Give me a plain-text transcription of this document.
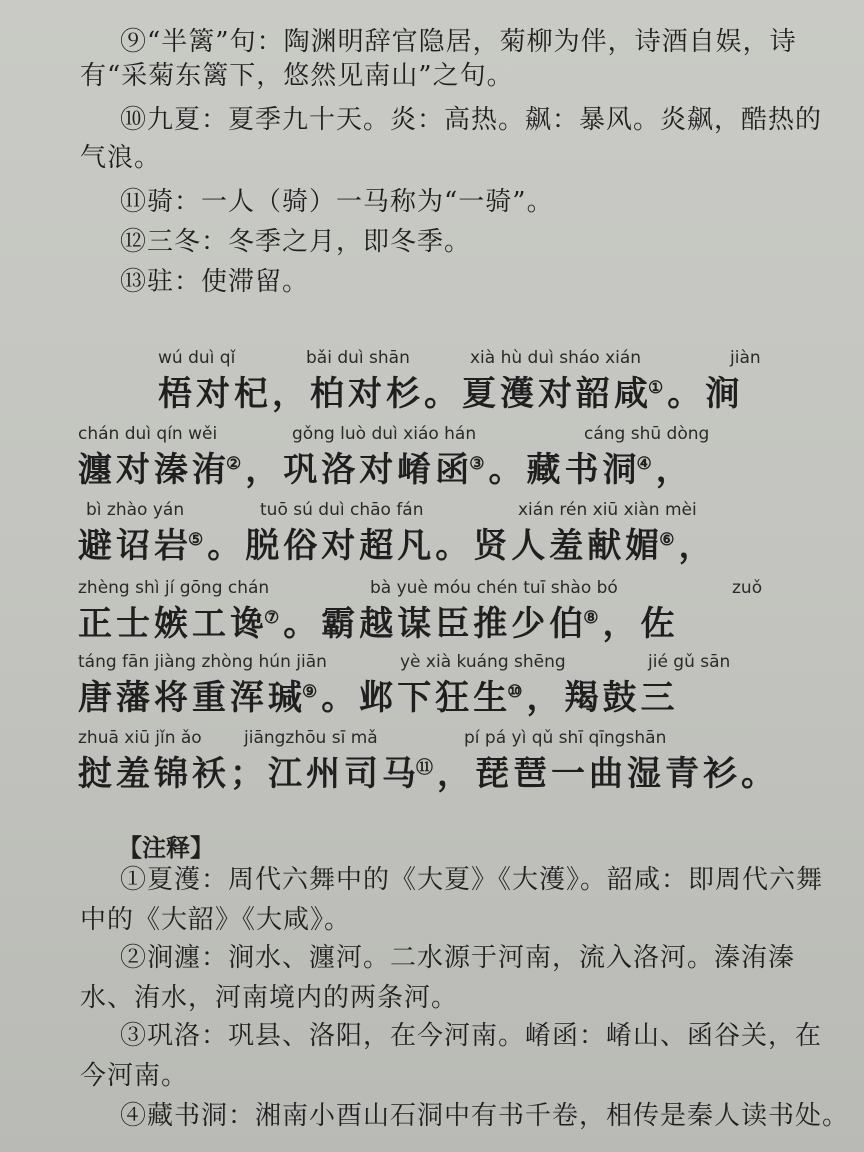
⑨“半篱”句：陶渊明辞官隐居，菊柳为伴，诗酒自娱，诗
有“采菊东篱下，悠然见南山”之句。
⑩九夏：夏季九十天。炎：高热。飙：暴风。炎飙，酷热的
气浪。
⑪骑：一人（骑）一马称为“一骑”。
⑫三冬：冬季之月，即冬季。
⑬驻：使滞留。
wú duì qǐ	bǎi duì shān	xià hù duì sháo xián	jiàn
梧对杞，柏对杉。夏濩对韶咸①。涧
chán duì qín wěi	gǒng luò duì xiáo hán	cáng shū dòng
瀍对溱洧②，巩洛对崤函③。藏书洞④，
bì zhào yán	tuō sú duì chāo fán	xián rén xiū xiàn mèi
避诏岩⑤。脱俗对超凡。贤人羞献媚⑥，
zhèng shì jí gōng chán	bà yuè móu chén tuī shào bó	zuǒ
正士嫉工谗⑦。霸越谋臣推少伯⑧，佐
táng fān jiàng zhòng hún jiān	yè xià kuáng shēng	jié gǔ sān
唐藩将重浑瑊⑨。邺下狂生⑩，羯鼓三
zhuā xiū jǐn ǎo jiāngzhōu sī mǎ	pí pá yì qǔ shī qīngshān
挝羞锦袄；江州司马⑪，琵琶一曲湿青衫。
【注释】
①夏濩：周代六舞中的《大夏》《大濩》。韶咸：即周代六舞
中的《大韶》《大咸》。
②涧瀍：涧水、瀍河。二水源于河南，流入洛河。溱洧溱
水、洧水，河南境内的两条河。
③巩洛：巩县、洛阳，在今河南。崤函：崤山、函谷关，在
今河南。
④藏书洞：湘南小酉山石洞中有书千卷，相传是秦人读书处。
